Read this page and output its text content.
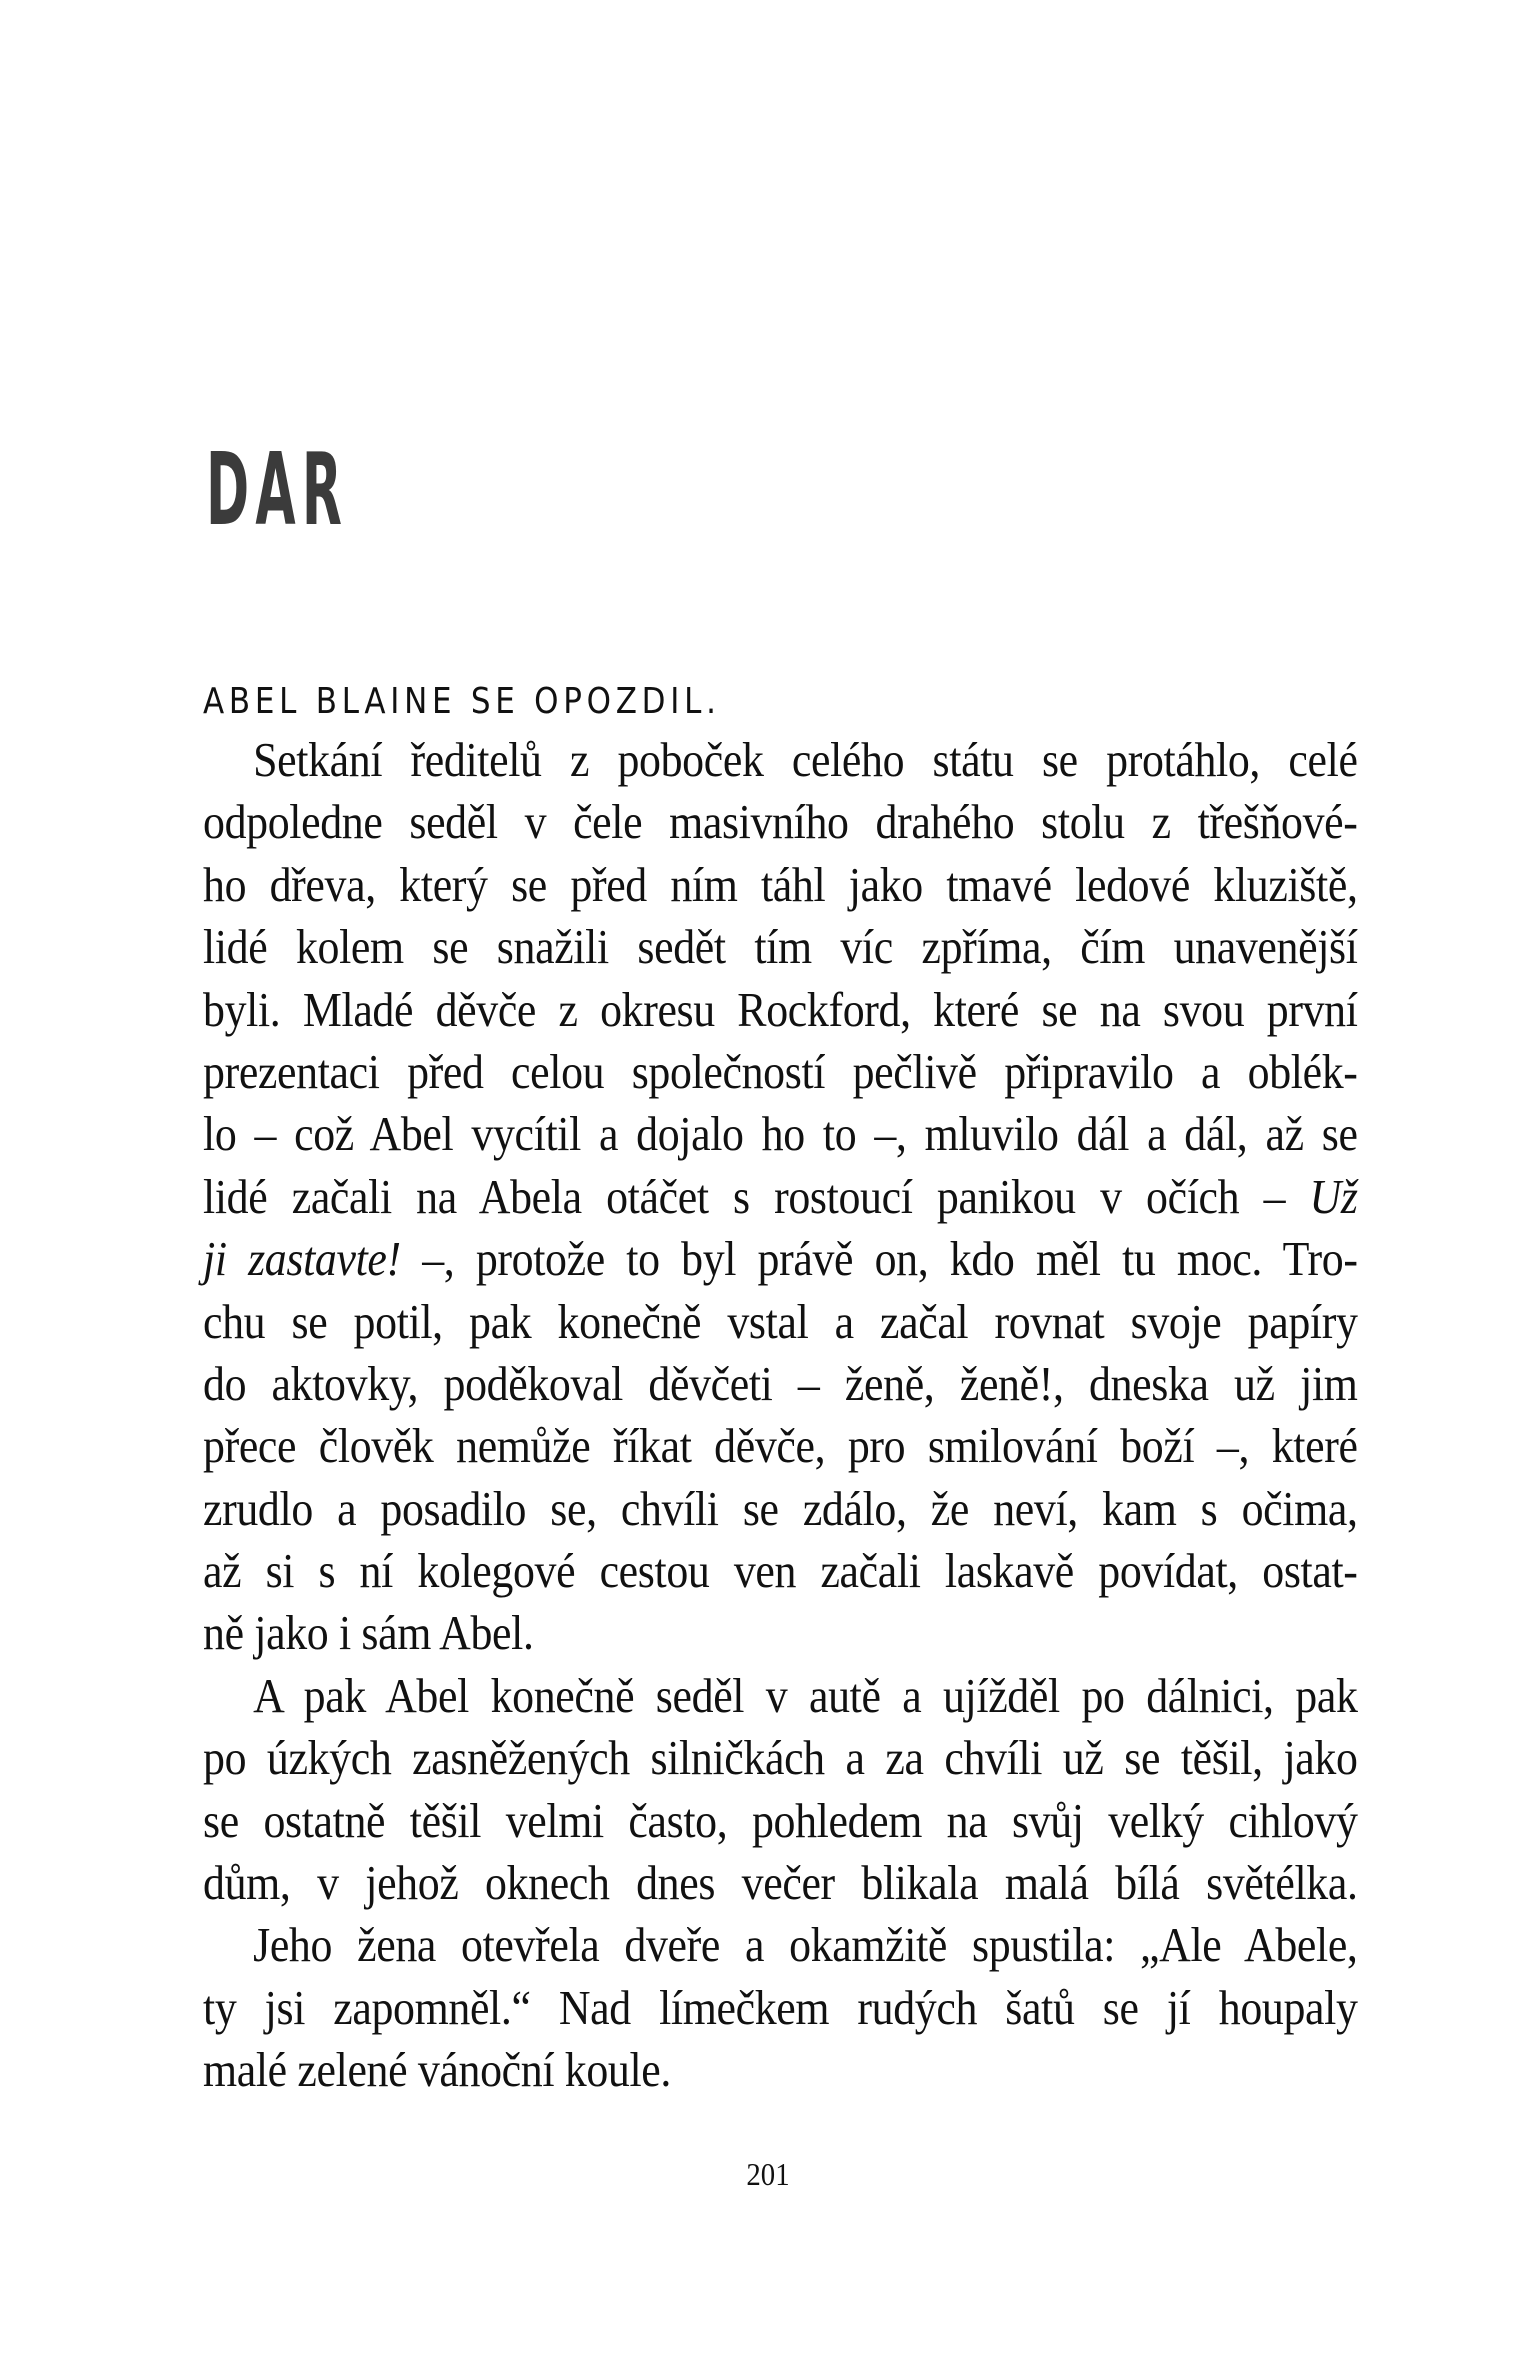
DAR
ABEL BLAINE SE OPOZDIL.
Setkání ředitelů z poboček celého státu se protáhlo, celé
odpoledne seděl v čele masivního drahého stolu z třešňové-
ho dřeva, který se před ním táhl jako tmavé ledové kluziště,
lidé kolem se snažili sedět tím víc zpříma, čím unavenější
byli. Mladé děvče z okresu Rockford, které se na svou první
prezentaci před celou společností pečlivě připravilo a oblék-
lo – což Abel vycítil a dojalo ho to –, mluvilo dál a dál, až se
lidé začali na Abela otáčet s rostoucí panikou v očích – Už
ji zastavte! –, protože to byl právě on, kdo měl tu moc. Tro-
chu se potil, pak konečně vstal a začal rovnat svoje papíry
do aktovky, poděkoval děvčeti – ženě, ženě!, dneska už jim
přece člověk nemůže říkat děvče, pro smilování boží –, které
zrudlo a posadilo se, chvíli se zdálo, že neví, kam s očima,
až si s ní kolegové cestou ven začali laskavě povídat, ostat-
ně jako i sám Abel.
A pak Abel konečně seděl v autě a ujížděl po dálnici, pak
po úzkých zasněžených silničkách a za chvíli už se těšil, jako
se ostatně těšil velmi často, pohledem na svůj velký cihlový
dům, v jehož oknech dnes večer blikala malá bílá světélka.
Jeho žena otevřela dveře a okamžitě spustila: „Ale Abele,
ty jsi zapomněl.“ Nad límečkem rudých šatů se jí houpaly
malé zelené vánoční koule.
201
